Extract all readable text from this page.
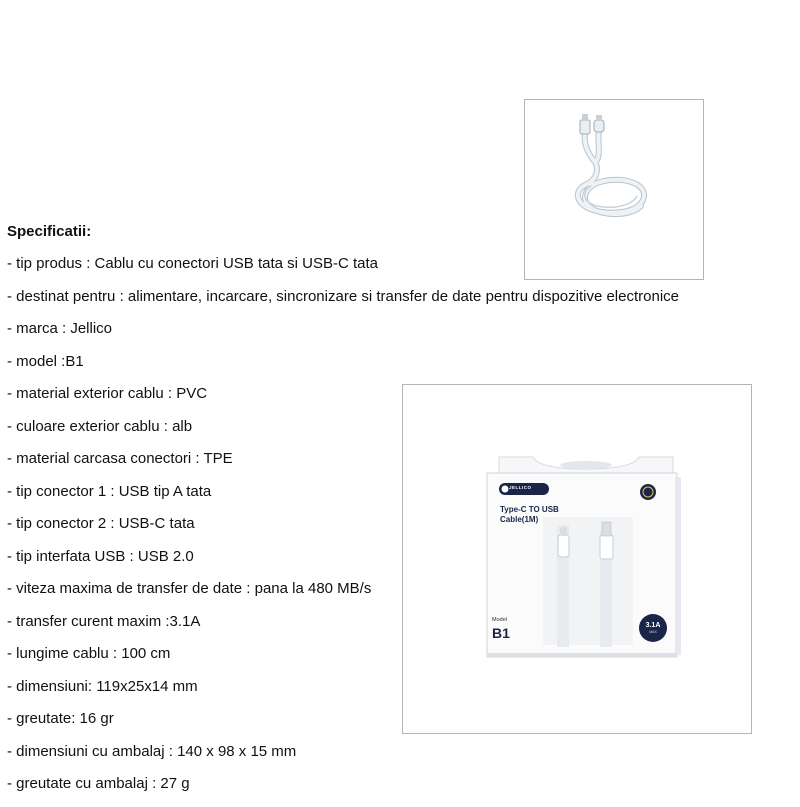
Specificatii:
- tip produs : Cablu cu conectori USB tata si USB-C tata
- destinat pentru : alimentare, incarcare, sincronizare si transfer de date pentru dispozitive electronice
- marca : Jellico
- model :B1
- material exterior cablu : PVC
- culoare exterior cablu : alb
- material carcasa conectori : TPE
- tip conector 1 : USB tip A tata
- tip conector 2 : USB-C tata
- tip interfata USB : USB 2.0
- viteza maxima de transfer de date : pana la 480 MB/s
- transfer curent maxim :3.1A
- lungime cablu : 100 cm
- dimensiuni: 119x25x14 mm
- greutate: 16 gr
- dimensiuni cu ambalaj : 140 x 98 x 15 mm
- greutate cu ambalaj : 27 g
JELLICO
Type-C TO USB
Cable(1M)
Model
B1	3.1A
MAX
